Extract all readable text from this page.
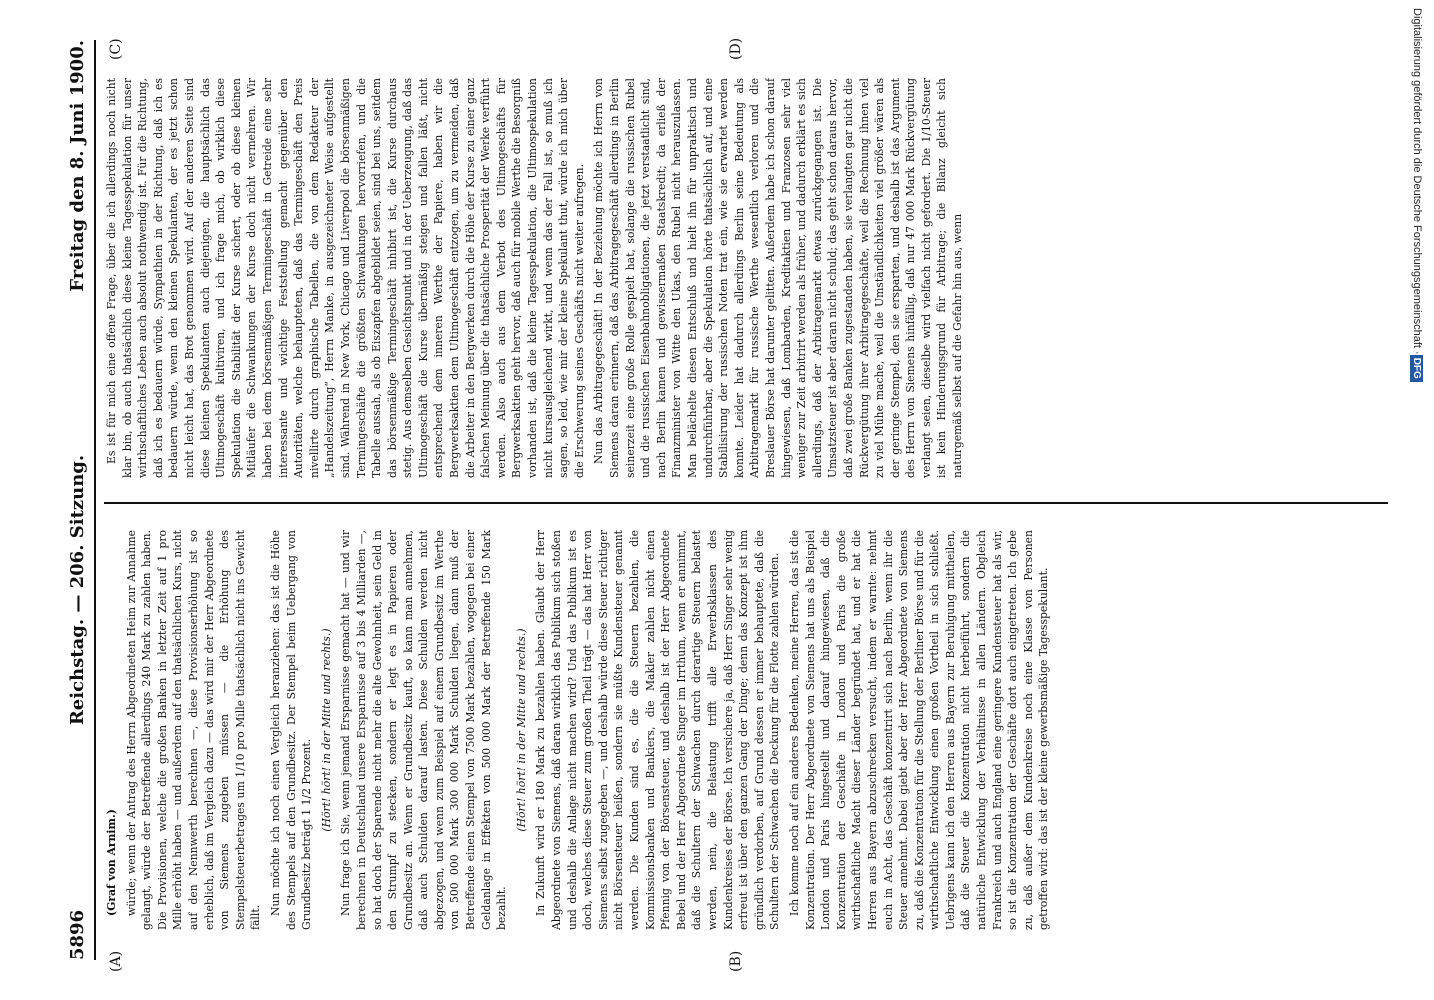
5896
Reichstag. — 206. Sitzung.
Freitag den 8. Juni 1900.
(A)	(B)
(C)	(D)

(Graf von Arnim.) würde; wenn der Antrag des Herrn Abgeordneten Heim zur Annahme gelangt, würde der Betreffende allerdings 240 Mark zu zahlen haben. Die Provisionen, welche die großen Banken in letzter Zeit auf 1 pro Mille erhöht haben — und außerdem auf den thatsächlichen Kurs, nicht auf den Nennwerth berechnen —, diese Provisionserhöhung ist so erheblich, daß im Vergleich dazu — das wird mir der Herr Abgeordnete von Siemens zugeben müssen — die Erhöhung des Stempelsteuerbetrages um 1/10 pro Mille thatsächlich nicht ins Gewicht fällt.

Nun möchte ich noch einen Vergleich heranziehen: das ist die Höhe des Stempels auf den Grundbesitz. Der Stempel beim Uebergang von Grundbesitz beträgt 1 1/2 Prozent.

(Hört! hört! in der Mitte und rechts.) Nun frage ich Sie, wenn jemand Ersparnisse gemacht hat — und wir berechnen in Deutschland unsere Ersparnisse auf 3 bis 4 Milliarden —, so hat doch der Sparende nicht mehr die alte Gewohnheit, sein Geld in den Strumpf zu stecken, sondern er legt es in Papieren oder Grundbesitz an. Wenn er Grundbesitz kauft, so kann man annehmen, daß auch Schulden darauf lasten. Diese Schulden werden nicht abgezogen, und wenn zum Beispiel auf einem Grundbesitz im Werthe von 500 000 Mark 300 000 Mark Schulden liegen, dann muß der Betreffende einen Stempel von 7500 Mark bezahlen, wogegen bei einer Geldanlage in Effekten von 500 000 Mark der Betreffende 150 Mark bezahlt.

(Hört! hört! in der Mitte und rechts.) In Zukunft wird er 180 Mark zu bezahlen haben. Glaubt der Herr Abgeordnete von Siemens, daß daran wirklich das Publikum sich stoßen und deshalb die Anlage nicht machen wird? Und das Publikum ist es doch, welches diese Steuer zum großen Theil trägt — das hat Herr von Siemens selbst zugegeben —, und deshalb würde diese Steuer richtiger nicht Börsensteuer heißen, sondern sie müßte Kundensteuer genannt werden. Die Kunden sind es, die die Steuern bezahlen, die Kommissionsbanken und Bankiers, die Makler zahlen nicht einen Pfennig von der Börsensteuer, und deshalb ist der Herr Abgeordnete Bebel und der Herr Abgeordnete Singer im Irrthum, wenn er annimmt, daß die Schultern der Schwachen durch derartige Steuern belastet werden, nein, die Belastung trifft alle Erwerbsklassen des Kundenkreises der Börse. Ich versichere ja, daß Herr Singer sehr wenig erfreut ist über den ganzen Gang der Dinge; denn das Konzept ist ihm gründlich verdorben, auf Grund dessen er immer behauptete, daß die Schultern der Schwachen die Deckung für die Flotte zahlen würden. Ich komme noch auf ein anderes Bedenken, meine Herren, das ist die Konzentration. Der Herr Abgeordnete von Siemens hat uns als Beispiel London und Paris hingestellt und darauf hingewiesen, daß die Konzentration der Geschäfte in London und Paris die große wirthschaftliche Macht dieser Länder begründet hat, und er hat die Herren aus Bayern abzuschrecken versucht, indem er warnte: nehmt euch in Acht, das Geschäft konzentrirt sich nach Berlin, wenn ihr die Steuer annehmt. Dabei giebt aber der Herr Abgeordnete von Siemens zu, daß die Konzentration für die Stellung der Berliner Börse und für die wirthschaftliche Entwicklung einen großen Vortheil in sich schließt. Uebrigens kann ich den Herren aus Bayern zur Beruhigung mittheilen, daß die Steuer die Konzentration nicht herbeiführt, sondern die natürliche Entwicklung der Verhältnisse in allen Ländern. Obgleich Frankreich und auch England eine geringere Kundensteuer hat als wir, so ist die Konzentration der Geschäfte dort auch eingetreten. Ich gebe zu, daß außer dem Kundenkreise noch eine Klasse von Personen getroffen wird: das ist der kleine gewerbsmäßige Tagesspekulant.

Es ist für mich eine offene Frage, über die ich allerdings noch nicht klar bin, ob auch thatsächlich diese kleine Tagesspekulation für unser wirthschaftliches Leben auch absolut nothwendig ist. Für die Richtung, daß ich es bedauern würde, Sympathien in der Richtung, daß ich es bedauern würde, wenn den kleinen Spekulanten, der es jetzt schon nicht leicht hat, das Brot genommen wird. Auf der anderen Seite sind diese kleinen Spekulanten auch diejenigen, die hauptsächlich das Ultimogeschäft kultiviren, und ich frage mich, ob wirklich diese Spekulation die Stabilität der Kurse sichert, oder ob diese kleinen Mitläufer die Schwankungen der Kurse doch nicht vermehren. Wir haben bei dem börsenmäßigen Termingeschäft in Getreide eine sehr interessante und wichtige Feststellung gemacht gegenüber den Autoritäten, welche behaupteten, daß das Termingeschäft den Preis nivellirte durch graphische Tabellen, die von dem Redakteur der „Handelszeitung“, Herrn Manke, in ausgezeichneter Weise aufgestellt sind. Während in New York, Chicago und Liverpool die börsenmäßigen Termingeschäfte die größten Schwankungen hervorriefen, und die Tabelle aussah, als ob Eiszapfen abgebildet seien, sind bei uns, seitdem das börsenmäßige Termingeschäft inhibirt ist, die Kurse durchaus stetig. Aus demselben Gesichtspunkt und in der Ueberzeugung, daß das Ultimogeschäft die Kurse übermäßig steigen und fallen läßt, nicht entsprechend dem inneren Werthe der Papiere, haben wir die Bergwerksaktien dem Ultimogeschäft entzogen, um zu vermeiden, daß die Arbeiter in den Bergwerken durch die Höhe der Kurse zu einer ganz falschen Meinung über die thatsächliche Prosperität der Werke verführt werden. Also auch aus dem Verbot des Ultimogeschäfts für Bergwerksaktien geht hervor, daß auch für mobile Werthe die Besorgniß vorhanden ist, daß die kleine Tagesspekulation, die Ultimospekulation nicht kursausgleichend wirkt, und wenn das der Fall ist, so muß ich sagen, so leid, wie mir der kleine Spekulant thut, würde ich mich über die Erschwerung seines Geschäfts nicht weiter aufregen. Nun das Arbitragegeschäft! In der Beziehung möchte ich Herrn von Siemens daran erinnern, daß das Arbitragegeschäft allerdings in Berlin seinerzeit eine große Rolle gespielt hat, solange die russischen Rubel und die russischen Eisenbahnobligationen, die jetzt verstaatlicht sind, nach Berlin kamen und gewissermaßen Staatskredit; da erließ der Finanzminister von Witte den Ukas, den Rubel nicht herauszulassen. Man belächelte diesen Entschluß und hielt ihn für unpraktisch und undurchführbar, aber die Spekulation hörte thatsächlich auf, und eine Stabilisirung der russischen Noten trat ein, wie sie erwartet werden konnte. Leider hat dadurch allerdings Berlin seine Bedeutung als Arbitragemarkt für russische Werthe wesentlich verloren und die Breslauer Börse hat darunter gelitten. Außerdem habe ich schon darauf hingewiesen, daß Lombarden, Kreditaktien und Franzosen sehr viel weniger zur Zeit arbitrirt werden als früher, und dadurch erklärt es sich allerdings, daß der Arbitragemarkt etwas zurückgegangen ist. Die Umsatzsteuer ist aber daran nicht schuld; das geht schon daraus hervor, daß zwei große Banken zugestanden haben, sie verlangten gar nicht die Rückvergütung ihrer Arbitragegeschäfte, weil die Rechnung ihnen viel zu viel Mühe mache, weil die Umständlichkeiten viel größer wären als der geringe Stempel, den sie ersparten, und deshalb ist das Argument des Herrn von Siemens hinfällig, daß nur 47 000 Mark Rückvergütung verlangt seien, dieselbe wird vielfach nicht gefordert. Die 1/10-Steuer ist kein Hinderungsgrund für Arbitrage; die Bilanz gleicht sich naturgemäß selbst auf die Gefahr hin aus, wenn	Digitalisierung gefördert durch die Deutsche Forschungsgemeinschaft ·
DFG
